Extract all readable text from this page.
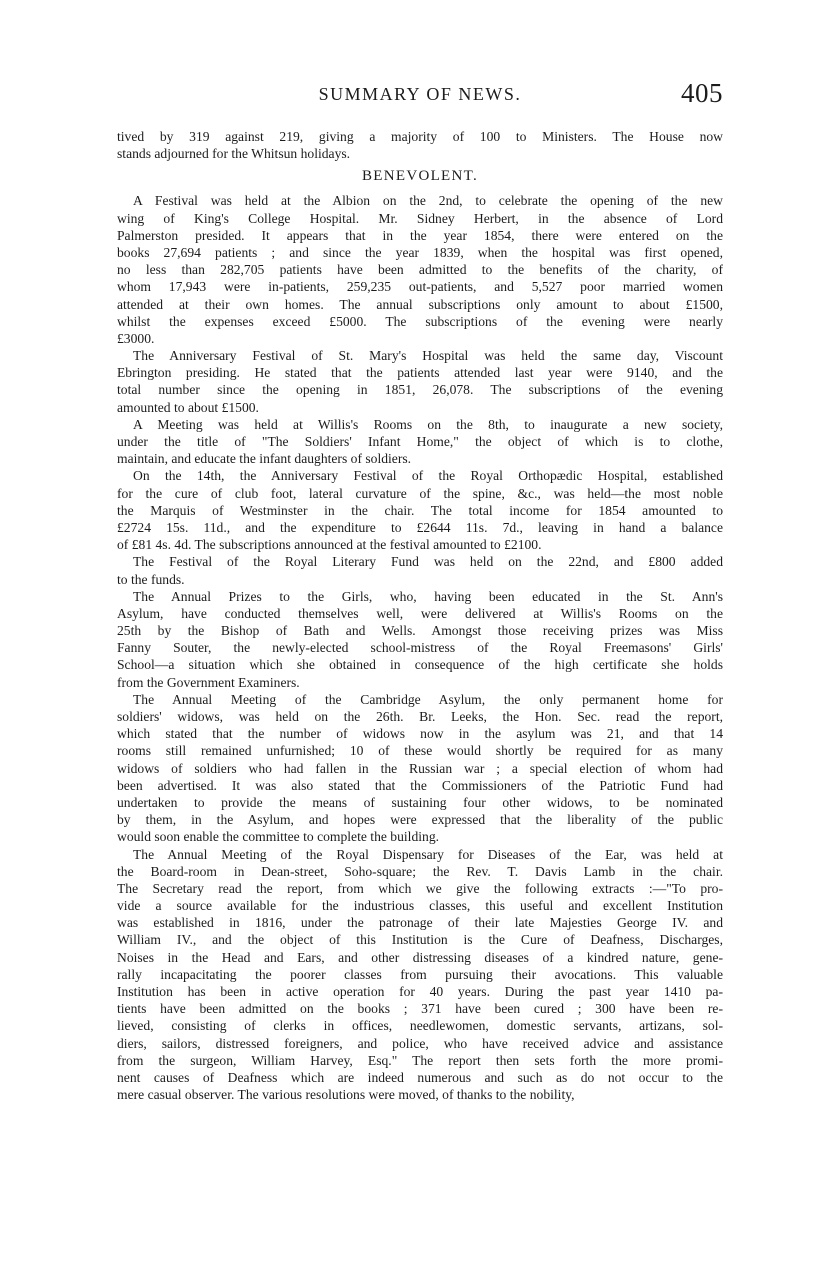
SUMMARY OF NEWS.	405
tived by 319 against 219, giving a majority of 100 to Ministers. The House now
stands adjourned for the Whitsun holidays.
BENEVOLENT.
A Festival was held at the Albion on the 2nd, to celebrate the opening of the new
wing of King's College Hospital. Mr. Sidney Herbert, in the absence of Lord
Palmerston presided. It appears that in the year 1854, there were entered on the
books 27,694 patients ; and since the year 1839, when the hospital was first opened,
no less than 282,705 patients have been admitted to the benefits of the charity, of
whom 17,943 were in-patients, 259,235 out-patients, and 5,527 poor married women
attended at their own homes. The annual subscriptions only amount to about £1500,
whilst the expenses exceed £5000. The subscriptions of the evening were nearly
£3000.
The Anniversary Festival of St. Mary's Hospital was held the same day, Viscount
Ebrington presiding. He stated that the patients attended last year were 9140, and the
total number since the opening in 1851, 26,078. The subscriptions of the evening
amounted to about £1500.
A Meeting was held at Willis's Rooms on the 8th, to inaugurate a new society,
under the title of "The Soldiers' Infant Home," the object of which is to clothe,
maintain, and educate the infant daughters of soldiers.
On the 14th, the Anniversary Festival of the Royal Orthopædic Hospital, established
for the cure of club foot, lateral curvature of the spine, &c., was held—the most noble
the Marquis of Westminster in the chair. The total income for 1854 amounted to
£2724 15s. 11d., and the expenditure to £2644 11s. 7d., leaving in hand a balance
of £81 4s. 4d. The subscriptions announced at the festival amounted to £2100.
The Festival of the Royal Literary Fund was held on the 22nd, and £800 added
to the funds.
The Annual Prizes to the Girls, who, having been educated in the St. Ann's
Asylum, have conducted themselves well, were delivered at Willis's Rooms on the
25th by the Bishop of Bath and Wells. Amongst those receiving prizes was Miss
Fanny Souter, the newly-elected school-mistress of the Royal Freemasons' Girls'
School—a situation which she obtained in consequence of the high certificate she holds
from the Government Examiners.
The Annual Meeting of the Cambridge Asylum, the only permanent home for
soldiers' widows, was held on the 26th. Br. Leeks, the Hon. Sec. read the report,
which stated that the number of widows now in the asylum was 21, and that 14
rooms still remained unfurnished; 10 of these would shortly be required for as many
widows of soldiers who had fallen in the Russian war ; a special election of whom had
been advertised. It was also stated that the Commissioners of the Patriotic Fund had
undertaken to provide the means of sustaining four other widows, to be nominated
by them, in the Asylum, and hopes were expressed that the liberality of the public
would soon enable the committee to complete the building.
The Annual Meeting of the Royal Dispensary for Diseases of the Ear, was held at
the Board-room in Dean-street, Soho-square; the Rev. T. Davis Lamb in the chair.
The Secretary read the report, from which we give the following extracts :—"To pro-
vide a source available for the industrious classes, this useful and excellent Institution
was established in 1816, under the patronage of their late Majesties George IV. and
William IV., and the object of this Institution is the Cure of Deafness, Discharges,
Noises in the Head and Ears, and other distressing diseases of a kindred nature, gene-
rally incapacitating the poorer classes from pursuing their avocations. This valuable
Institution has been in active operation for 40 years. During the past year 1410 pa-
tients have been admitted on the books ; 371 have been cured ; 300 have been re-
lieved, consisting of clerks in offices, needlewomen, domestic servants, artizans, sol-
diers, sailors, distressed foreigners, and police, who have received advice and assistance
from the surgeon, William Harvey, Esq." The report then sets forth the more promi-
nent causes of Deafness which are indeed numerous and such as do not occur to the
mere casual observer. The various resolutions were moved, of thanks to the nobility,
